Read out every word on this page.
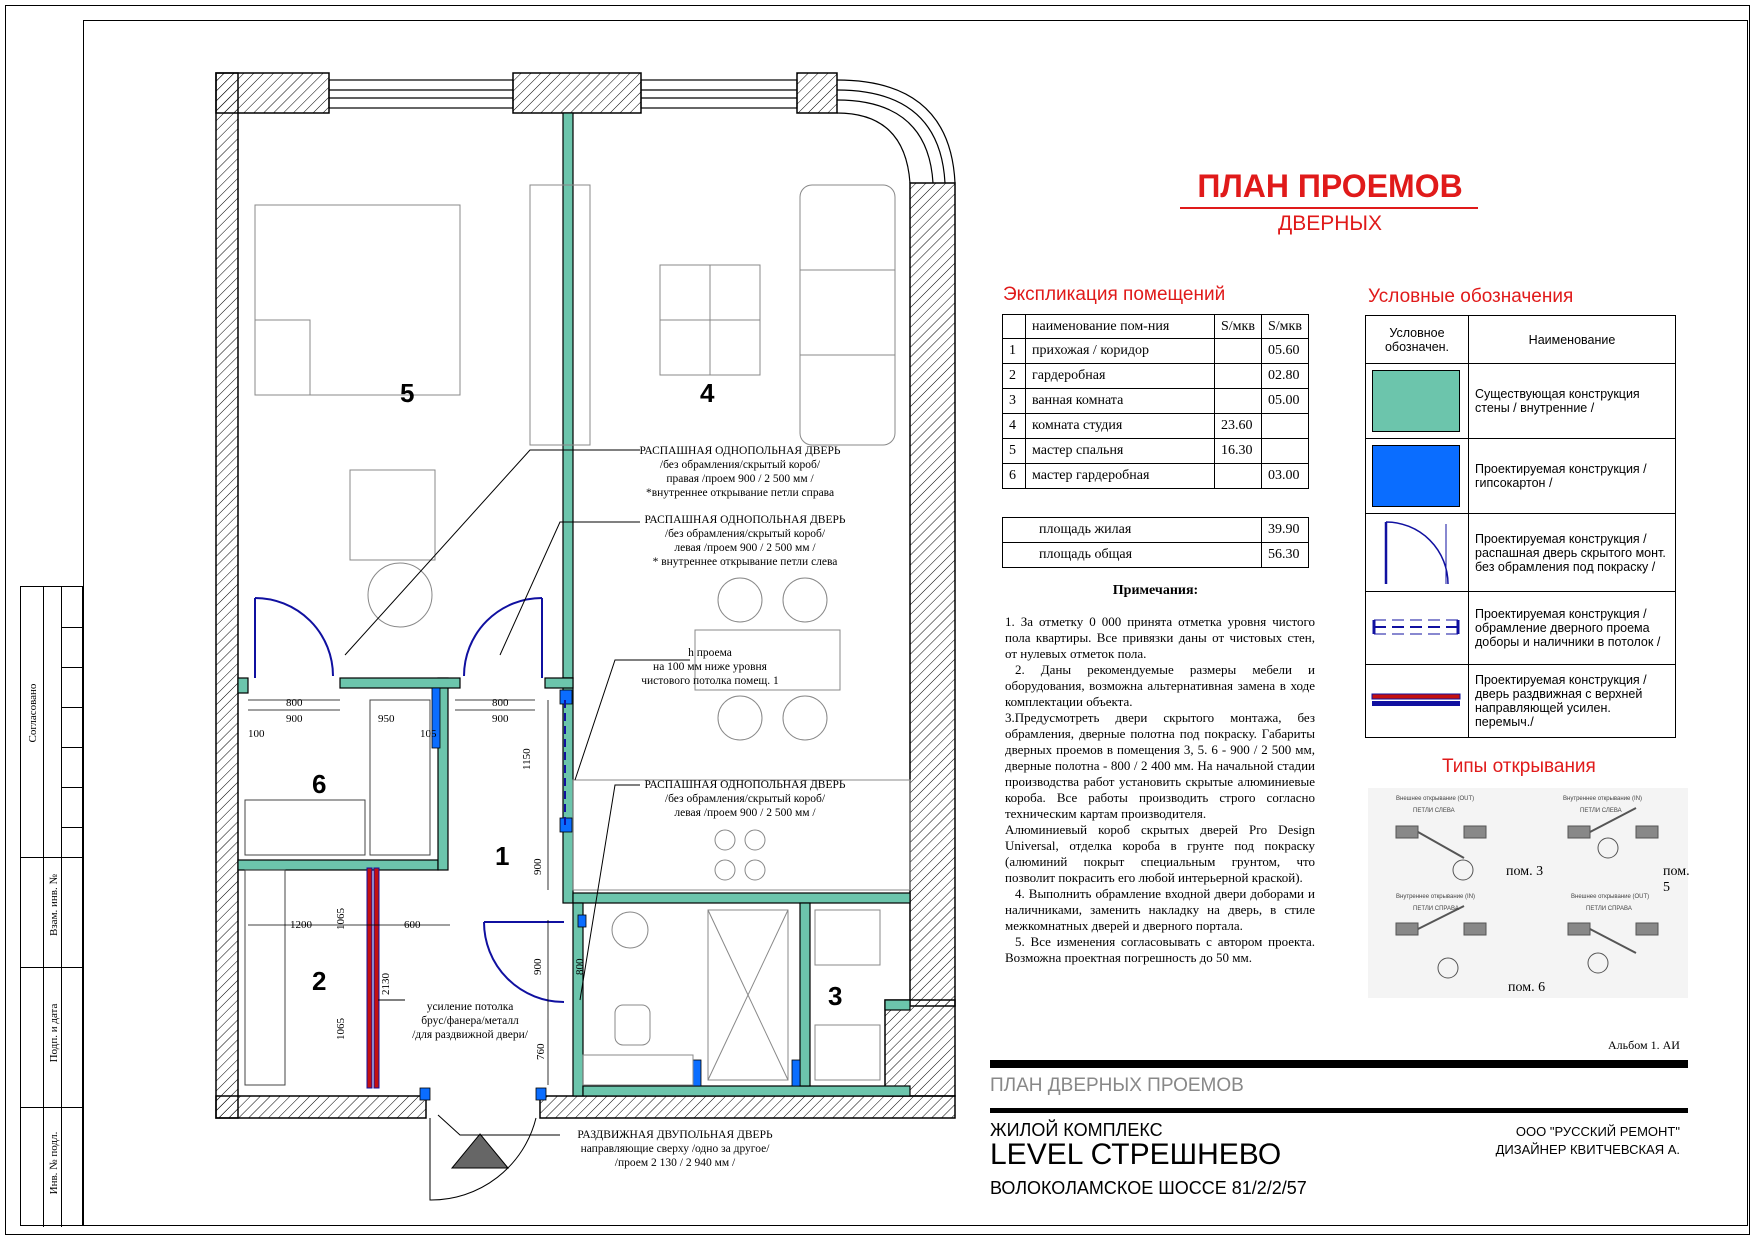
Согласовано
Взам. инв. №
Подп. и дата
Инв. № подл.
5	4
1
2	3
6
800
900
800
900
100	105
950
1150
900
900	800
1200 1065	600
2130
1065
760
РАСПАШНАЯ ОДНОПОЛЬНАЯ ДВЕРЬ
/без обрамления/скрытый короб/
правая /проем 900 / 2 500 мм /
*внутреннее открывание петли справа
РАСПАШНАЯ ОДНОПОЛЬНАЯ ДВЕРЬ
/без обрамления/скрытый короб/
левая /проем 900 / 2 500 мм /
* внутреннее открывание петли слева
h проема
на 100 мм ниже уровня
чистового потолка помещ. 1
РАСПАШНАЯ ОДНОПОЛЬНАЯ ДВЕРЬ
/без обрамления/скрытый короб/
левая /проем 900 / 2 500 мм /
усиление потолка
брус/фанера/металл
/для раздвижной двери/
РАЗДВИЖНАЯ ДВУПОЛЬНАЯ ДВЕРЬ
направляющие сверху /одно за другое/
/проем 2 130 / 2 940 мм /
ПЛАН ПРОЕМОВ
ДВЕРНЫХ
Экспликация помещений
	наименование пом-ния	S/мкв	S/мкв
1	прихожая / коридор		05.60
2	гардеробная		02.80
3	ванная комната		05.00
4	комната студия	23.60	
5	мастер спальня	16.30	
6	мастер гардеробная		03.00
площадь жилая	39.90
площадь общая	56.30
Примечания:

1. За отметку 0 000 принята отметка уровня чистого пола квартиры. Все привязки даны от чистовых стен, от нулевых отметок пола.

2. Даны рекомендуемые размеры мебели и оборудования, возможна альтернативная замена в ходе комплектации объекта.

3.Предусмотреть двери скрытого монтажа, без обрамления, дверные полотна под покраску. Габариты дверных проемов в помещения 3, 5. 6 - 900 / 2 500 мм, дверные полотна - 800 / 2 400 мм. На начальной стадии производства работ установить скрытые алюминиевые короба. Все работы производить строго согласно техническим картам производителя.

Алюминиевый короб скрытых дверей Pro Design Universal, отделка короба в грунте под покраску (алюминий покрыт специальным грунтом, что позволит покрасить его любой интерьерной краской).

4. Выполнить обрамление входной двери доборами и наличниками, заменить накладку на дверь, в стиле межкомнатных дверей и дверного портала.

5. Все изменения согласовывать с автором проекта. Возможна проектная погрешность до 50 мм.

Условные обозначения
Условное обозначен.	Наименование

	Существующая конструкция стены / внутренние /

	Проектируемая конструкция / гипсокартон /
	Проектируемая конструкция / распашная дверь скрытого монт. без обрамления под покраску /
	Проектируемая конструкция / обрамление дверного проема доборы и наличники в потолок /
	Проектируемая конструкция / дверь раздвижная с верхней направляющей усилен. перемыч./
Типы открывания
Внешнее открывание (OUT)
ПЕТЛИ СЛЕВА
Внутреннее открывание (IN)
ПЕТЛИ СЛЕВА
Внутреннее открывание (IN)
ПЕТЛИ СПРАВА
Внешнее открывание (OUT)
ПЕТЛИ СПРАВА
пом. 3	пом. 5
пом. 6
Альбом 1. АИ
ПЛАН ДВЕРНЫХ ПРОЕМОВ
ЖИЛОЙ КОМПЛЕКС
LEVEL СТРЕШНЕВО
ВОЛОКОЛАМСКОЕ ШОССЕ 81/2/2/57
ООО "РУССКИЙ РЕМОНТ"
ДИЗАЙНЕР КВИТЧЕВСКАЯ А.
